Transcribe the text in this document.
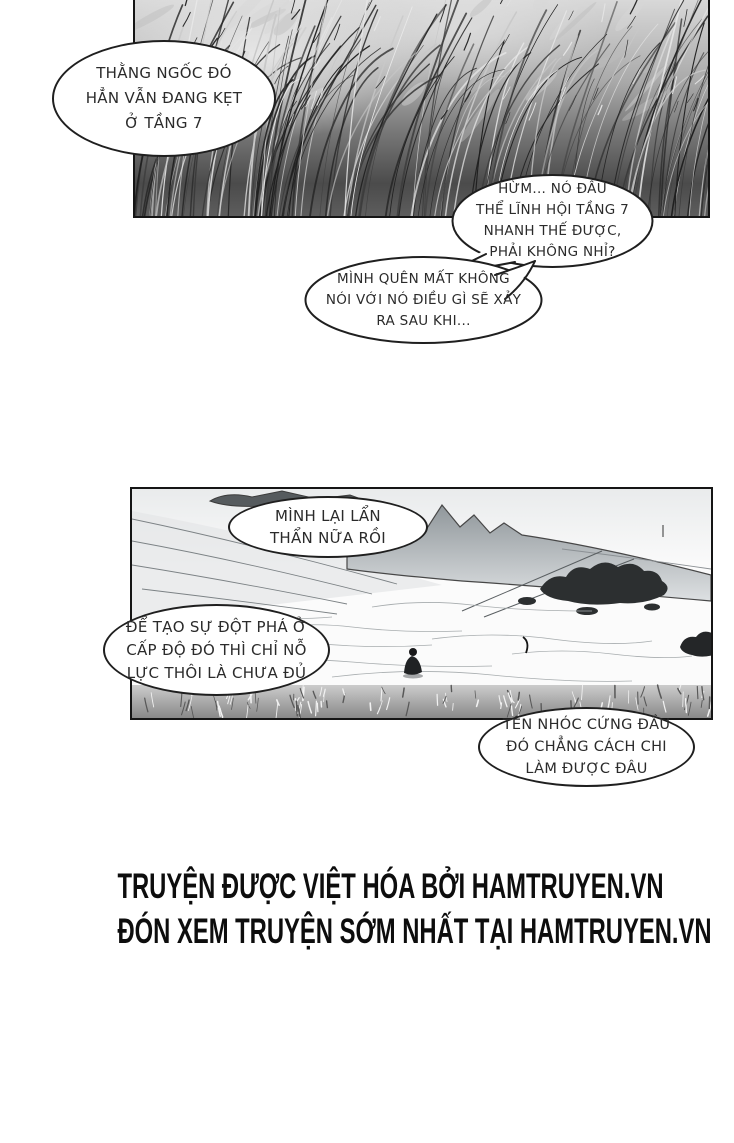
THẰNG NGỐC ĐÓ
HẲN VẪN ĐANG KẸT
Ở TẦNG 7
HỪM... NÓ ĐÂU
THỂ LĨNH HỘI TẦNG 7
NHANH THẾ ĐƯỢC,
PHẢI KHÔNG NHỈ?
MÌNH QUÊN MẤT KHÔNG
NÓI VỚI NÓ ĐIỀU GÌ SẼ XẢY
RA SAU KHI...
MÌNH LẠI LẨN
THẨN NỮA RỒI
ĐỂ TẠO SỰ ĐỘT PHÁ Ở
CẤP ĐỘ ĐÓ THÌ CHỈ NỖ
LỰC THÔI LÀ CHƯA ĐỦ
TÊN NHÓC CỨNG ĐẦU
ĐÓ CHẲNG CÁCH CHI
LÀM ĐƯỢC ĐÂU
TRUYỆN ĐƯỢC VIỆT HÓA BỞI HAMTRUYEN.VN
ĐÓN XEM TRUYỆN SỚM NHẤT TẠI HAMTRUYEN.VN
